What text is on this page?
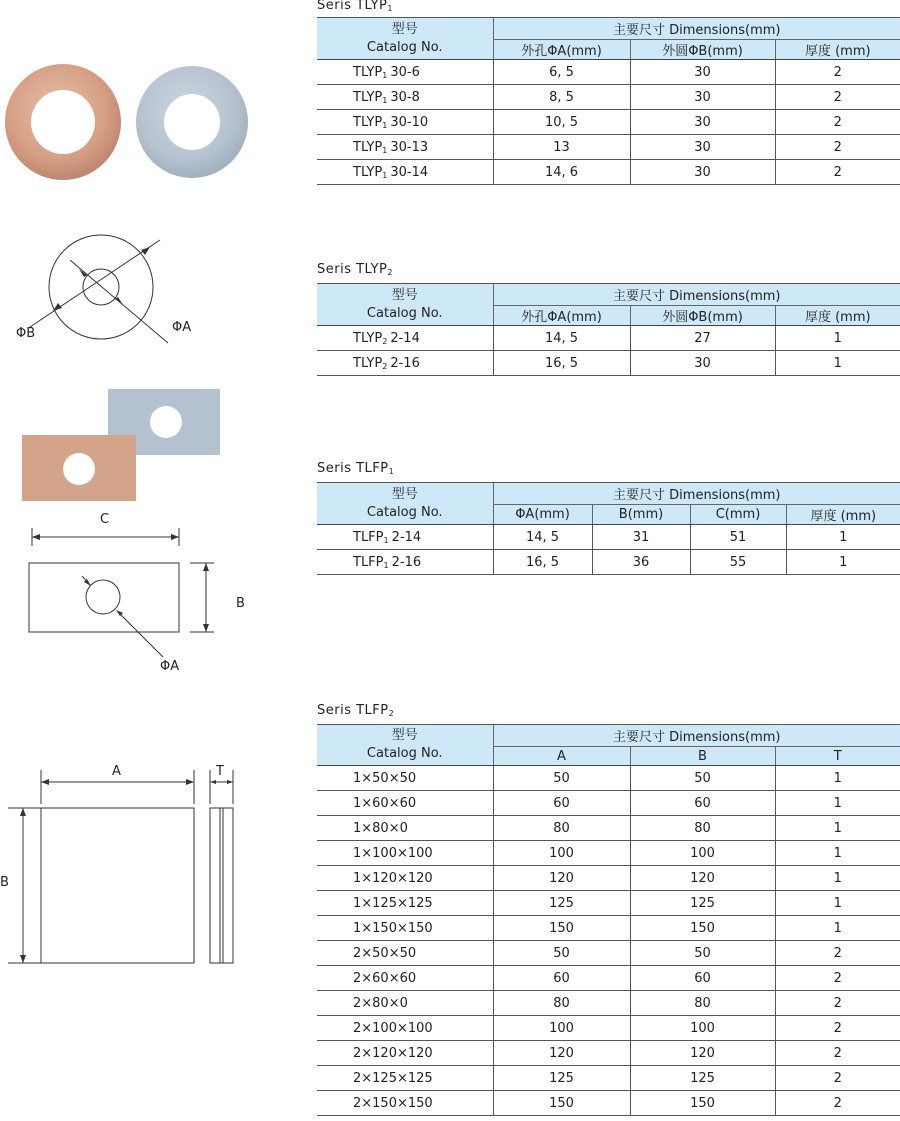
ΦB	ΦA
C
ΦA
B
A	T
B
Seris $TLYP_1$
型号
Catalog No.	主要尺寸 Dimensions(mm)		
	外孔ΦA(mm)	外圆ΦB(mm)	厚度 (mm)
$TLYP_1$ 30-6	6, 5	30	2
$TLYP_1$ 30-8	8, 5	30	2
$TLYP_1$ 30-10	10, 5	30	2
$TLYP_1$ 30-13	13	30	2
$TLYP_1$ 30-14	14, 6	30	2
Seris $TLYP_2$
型号
Catalog No.	主要尺寸 Dimensions(mm)		
	外孔ΦA(mm)	外圆ΦB(mm)	厚度 (mm)
$TLYP_2$ 2-14	14, 5	27	1
$TLYP_2$ 2-16	16, 5	30	1
Seris $TLFP_1$
型号
Catalog No.	主要尺寸 Dimensions(mm)			
	ΦA(mm)	B(mm)	C(mm)	厚度 (mm)
$TLFP_1$ 2-14	14, 5	31	51	1
$TLFP_1$ 2-16	16, 5	36	55	1
Seris $TLFP_2$
型号
Catalog No.	主要尺寸 Dimensions(mm)		
	A	B	T
1×50×50	50	50	1
1×60×60	60	60	1
1×80×0	80	80	1
1×100×100	100	100	1
1×120×120	120	120	1
1×125×125	125	125	1
1×150×150	150	150	1
2×50×50	50	50	2
2×60×60	60	60	2
2×80×0	80	80	2
2×100×100	100	100	2
2×120×120	120	120	2
2×125×125	125	125	2
2×150×150	150	150	2
